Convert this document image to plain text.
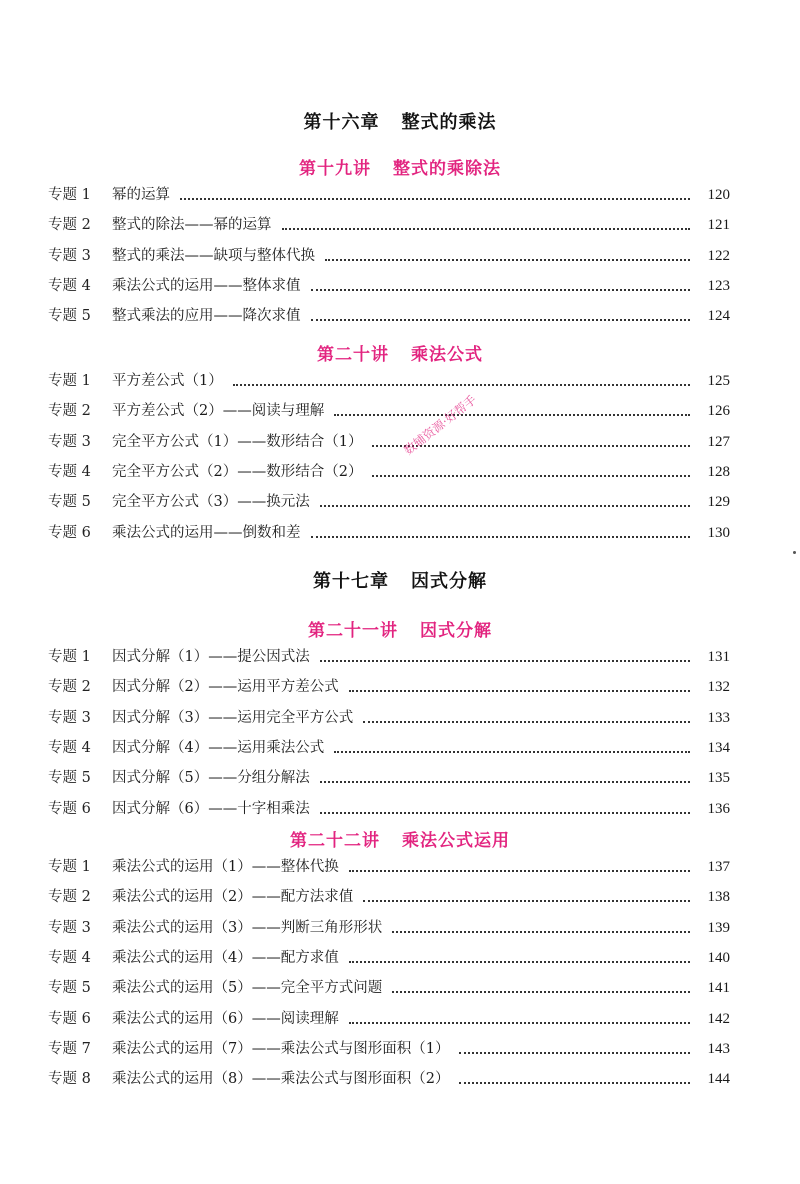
第十六章 整式的乘法
第十九讲 整式的乘除法
专题 1	幂的运算	120
专题 2	整式的除法——幂的运算	121
专题 3	整式的乘法——缺项与整体代换	122
专题 4	乘法公式的运用——整体求值	123
专题 5	整式乘法的应用——降次求值	124
第二十讲 乘法公式
专题 1	平方差公式（1）	125
专题 2	平方差公式（2）——阅读与理解	126
专题 3	完全平方公式（1）——数形结合（1）	127
专题 4	完全平方公式（2）——数形结合（2）	128
专题 5	完全平方公式（3）——换元法	129
专题 6	乘法公式的运用——倒数和差	130
第十七章 因式分解
第二十一讲 因式分解
专题 1	因式分解（1）——提公因式法	131
专题 2	因式分解（2）——运用平方差公式	132
专题 3	因式分解（3）——运用完全平方公式	133
专题 4	因式分解（4）——运用乘法公式	134
专题 5	因式分解（5）——分组分解法	135
专题 6	因式分解（6）——十字相乘法	136
第二十二讲 乘法公式运用
专题 1	乘法公式的运用（1）——整体代换	137
专题 2	乘法公式的运用（2）——配方法求值	138
专题 3	乘法公式的运用（3）——判断三角形形状	139
专题 4	乘法公式的运用（4）——配方求值	140
专题 5	乘法公式的运用（5）——完全平方式问题	141
专题 6	乘法公式的运用（6）——阅读理解	142
专题 7	乘法公式的运用（7）——乘法公式与图形面积（1）	143
专题 8	乘法公式的运用（8）——乘法公式与图形面积（2）	144
数辅资源·好帮手
